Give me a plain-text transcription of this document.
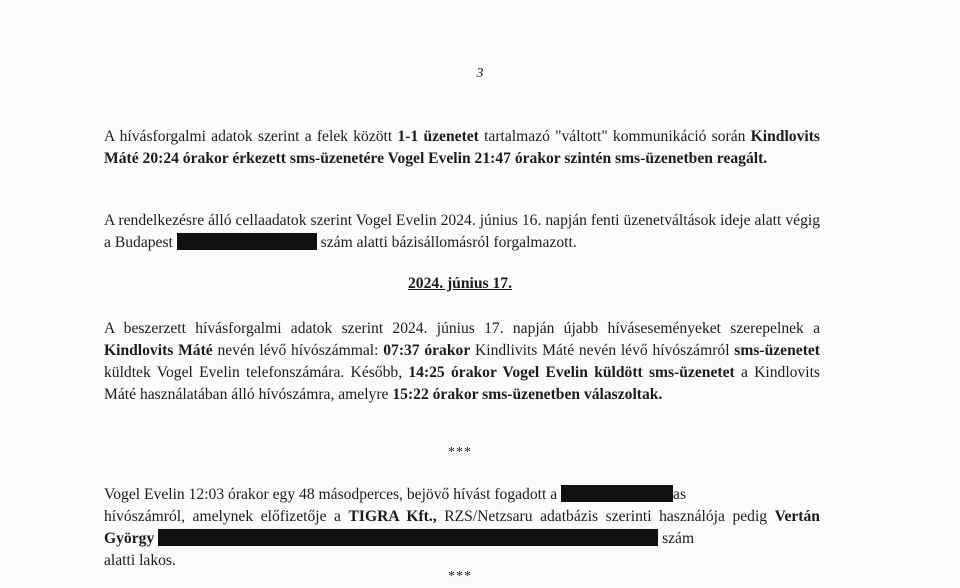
3
A hívásforgalmi adatok szerint a felek között 1-1 üzenetet tartalmazó "váltott" kommunikáció során Kindlovits Máté 20:24 órakor érkezett sms-üzenetére Vogel Evelin 21:47 órakor szintén sms-üzenetben reagált.
A rendelkezésre álló cellaadatok szerint Vogel Evelin 2024. június 16. napján fenti üzenetváltások ideje alatt végig a Budapest	szám alatti bázisállomásról forgalmazott.
2024. június 17.
A beszerzett hívásforgalmi adatok szerint 2024. június 17. napján újabb híváseseményeket szerepelnek a Kindlovits Máté nevén lévő hívószámmal: 07:37 órakor Kindlivits Máté nevén lévő hívószámról sms-üzenetet küldtek Vogel Evelin telefonszámára. Később, 14:25 órakor Vogel Evelin küldött sms-üzenetet a Kindlovits Máté használatában álló hívószámra, amelyre 15:22 órakor sms-üzenetben válaszoltak.
***
Vogel Evelin 12:03 órakor egy 48 másodperces, bejövő hívást fogadott a	as
hívószámról, amelynek előfizetője a TIGRA Kft., RZS/Netzsaru adatbázis szerinti használója pedig Vertán György	szám
alatti lakos.
***
